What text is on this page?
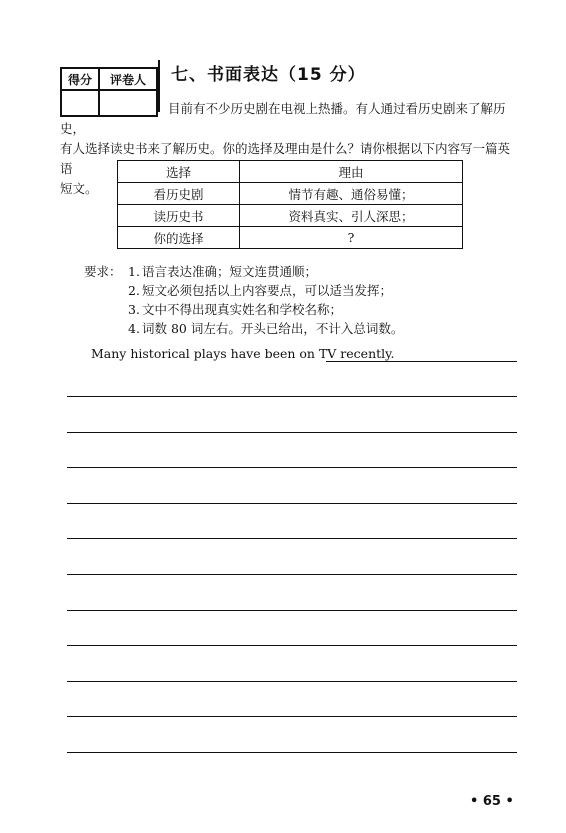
得分	评卷人
	七、书面表达（15 分）
目前有不少历史剧在电视上热播。有人通过看历史剧来了解历史，
有人选择读史书来了解历史。你的选择及理由是什么？请你根据以下内容写一篇英语
短文。
选择	理由
看历史剧	情节有趣、通俗易懂；
读历史书	资料真实、引人深思；
你的选择	?
要求： 1. 语言表达准确；短文连贯通顺；
2. 短文必须包括以上内容要点，可以适当发挥；
3. 文中不得出现真实姓名和学校名称；
4. 词数 80 词左右。开头已给出，不计入总词数。
Many historical plays have been on TV recently.
• 65 •
